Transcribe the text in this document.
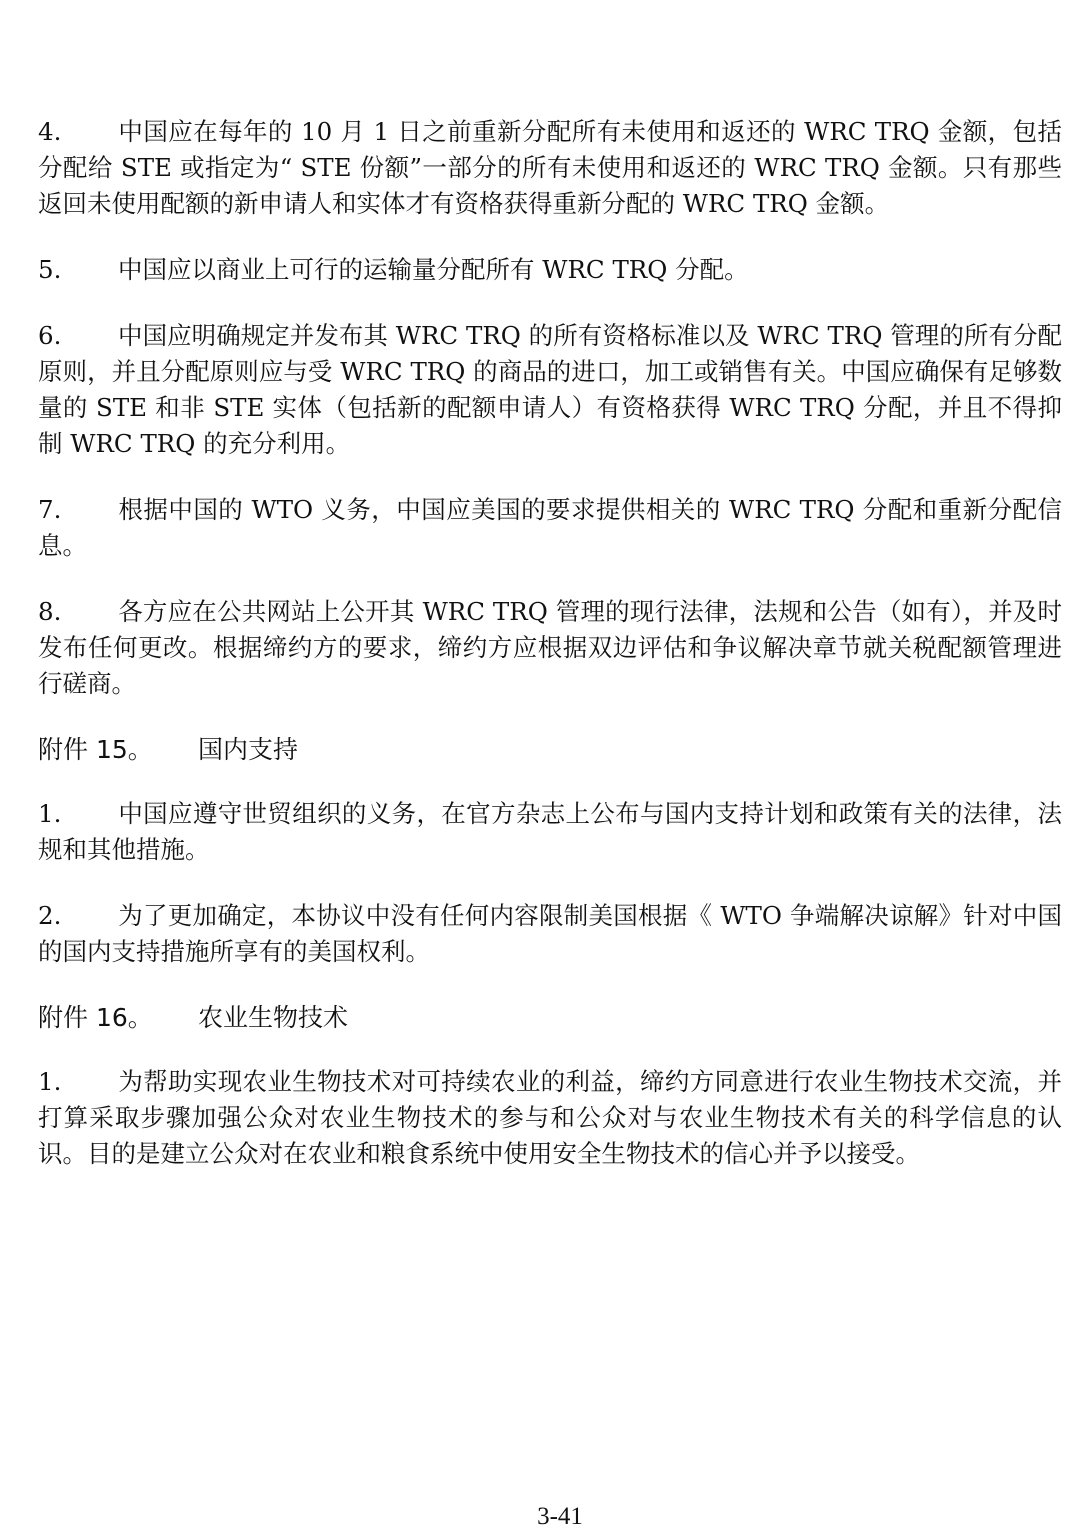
4. 中国应在每年的 10 月 1 日之前重新分配所有未使用和返还的 WRC TRQ 金额，包括分配给 STE 或指定为“ STE 份额”一部分的所有未使用和返还的 WRC TRQ 金额。只有那些返回未使用配额的新申请人和实体才有资格获得重新分配的 WRC TRQ 金额。

5. 中国应以商业上可行的运输量分配所有 WRC TRQ 分配。

6. 中国应明确规定并发布其 WRC TRQ 的所有资格标准以及 WRC TRQ 管理的所有分配原则，并且分配原则应与受 WRC TRQ 的商品的进口，加工或销售有关。中国应确保有足够数量的 STE 和非 STE 实体（包括新的配额申请人）有资格获得 WRC TRQ 分配，并且不得抑制 WRC TRQ 的充分利用。

7. 根据中国的 WTO 义务，中国应美国的要求提供相关的 WRC TRQ 分配和重新分配信息。

8. 各方应在公共网站上公开其 WRC TRQ 管理的现行法律，法规和公告（如有），并及时发布任何更改。根据缔约方的要求，缔约方应根据双边评估和争议解决章节就关税配额管理进行磋商。

附件 15。 国内支持

1. 中国应遵守世贸组织的义务，在官方杂志上公布与国内支持计划和政策有关的法律，法规和其他措施。

2. 为了更加确定，本协议中没有任何内容限制美国根据《 WTO 争端解决谅解》针对中国的国内支持措施所享有的美国权利。

附件 16。 农业生物技术

1. 为帮助实现农业生物技术对可持续农业的利益，缔约方同意进行农业生物技术交流，并打算采取步骤加强公众对农业生物技术的参与和公众对与农业生物技术有关的科学信息的认识。目的是建立公众对在农业和粮食系统中使用安全生物技术的信心并予以接受。

3-41
